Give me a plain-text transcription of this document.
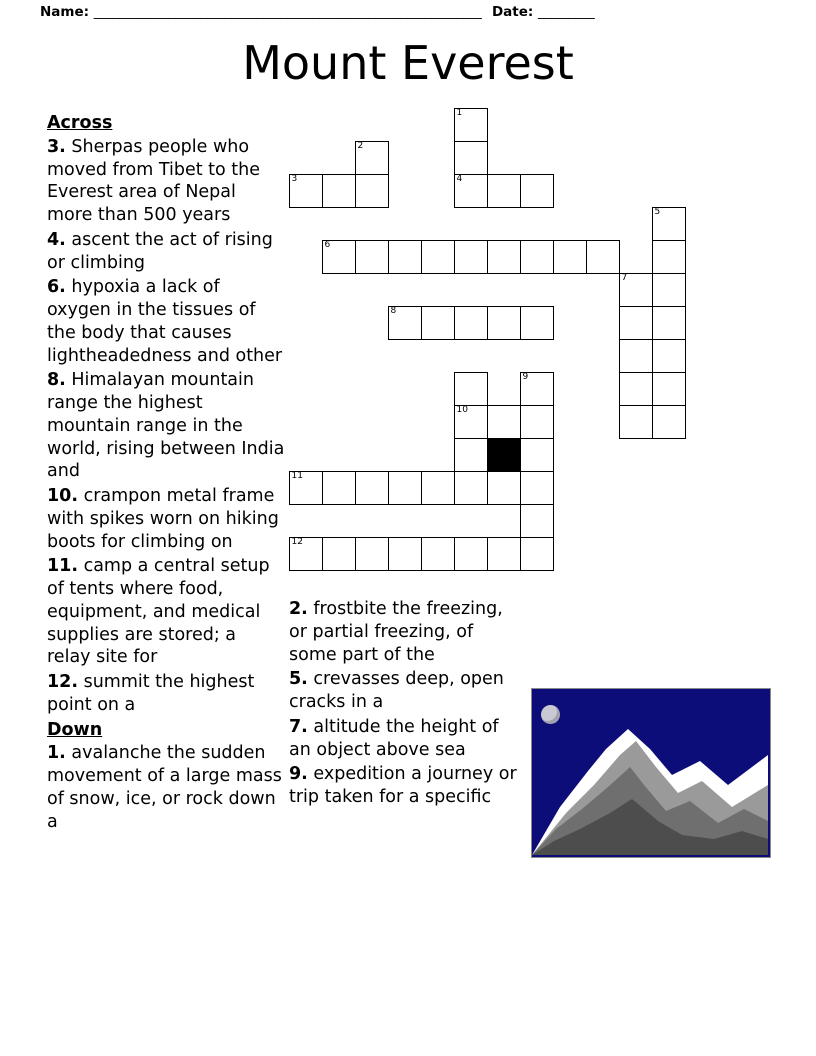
Name: ______________________________________________________________ Date: _________
Mount Everest
Across
3. Sherpas people who moved from Tibet to the Everest area of Nepal more than 500 years
4. ascent the act of rising or climbing
6. hypoxia a lack of oxygen in the tissues of the body that causes lightheadedness and other
8. Himalayan mountain range the highest mountain range in the world, rising between India and
10. crampon metal frame with spikes worn on hiking boots for climbing on
11. camp a central setup of tents where food, equipment, and medical supplies are stored; a relay site for
12. summit the highest point on a
Down
1. avalanche the sudden movement of a large mass of snow, ice, or rock down a
2. frostbite the freezing, or partial freezing, of some part of the
5. crevasses deep, open cracks in a
7. altitude the height of an object above sea
9. expedition a journey or trip taken for a specific
1
2
3	4
5
6
7
8
9
10
11
12
